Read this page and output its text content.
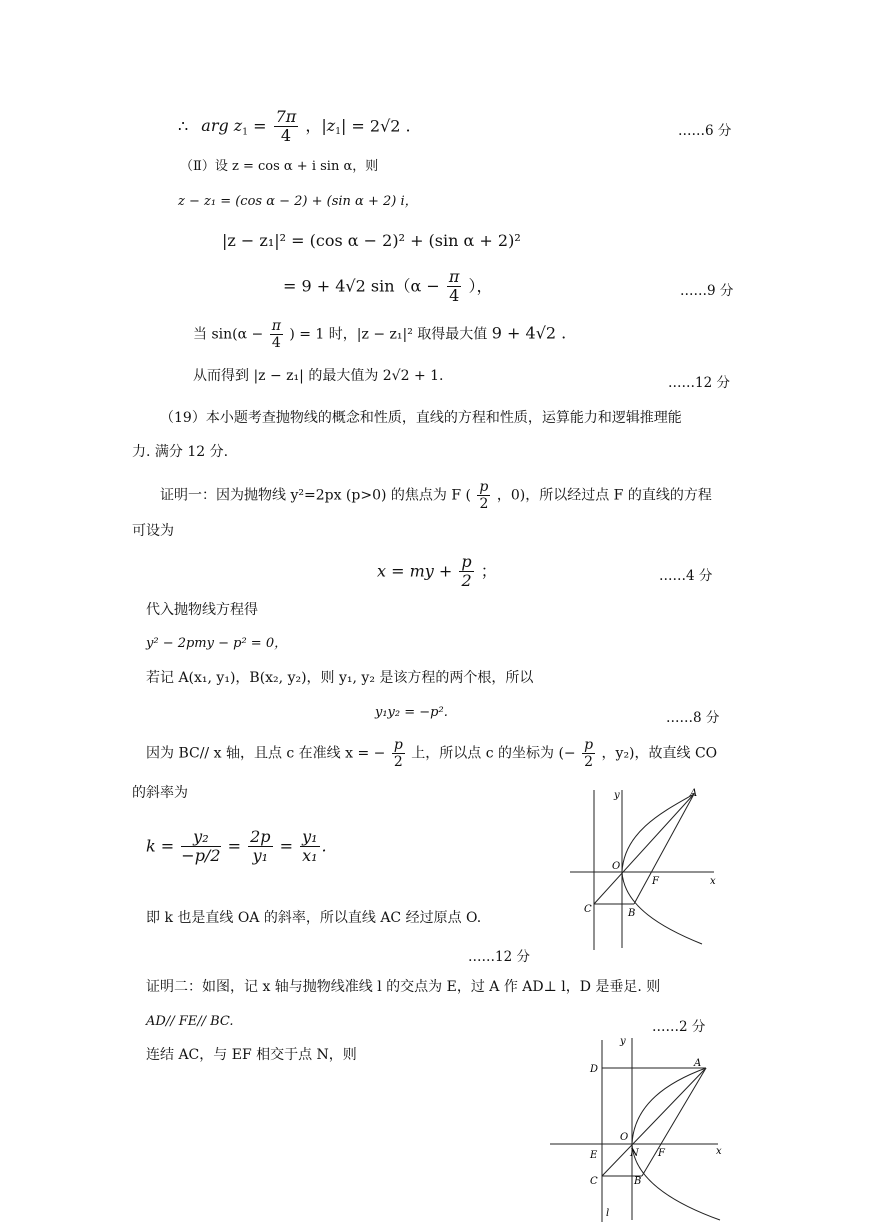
∴ arg $z_1 = \frac{7\pi}{4}$ ，$|z_1| = 2√2$ .	……6 分
（Ⅱ）设 z = cos α + i sin α，则
z − z₁ = (cos α − 2) + (sin α + 2) i，
|z − z₁|² = (cos α − 2)² + (sin α + 2)²
= 9 + 4√2 $\sin(\alpha - \frac{\pi}{4}$ ），	……9 分
当 $\sin(\alpha - \frac{\pi}{4}$ ) = 1 时，|z − z₁|² 取得最大值 9 + 4√2 .
从而得到 |z − z₁| 的最大值为 2√2 + 1.	……12 分
（19）本小题考查抛物线的概念和性质，直线的方程和性质，运算能力和逻辑推理能
力. 满分 12 分.
证明一：因为抛物线 y²=2px (p>0) 的焦点为 F ( $\frac{p}{2}$ ，0)，所以经过点 F 的直线的方程
可设为
x = my + $\frac{p}{2}$ ；	……4 分
代入抛物线方程得
y² − 2pmy − p² = 0，
若记 A(x₁, y₁)，B(x₂, y₂)，则 y₁, y₂ 是该方程的两个根，所以
y₁y₂ = −p².	……8 分
因为 BC// x 轴，且点 c 在准线 x = − $\frac{p}{2}$ 上，所以点 c 的坐标为 (− $\frac{p}{2}$ ，y₂)，故直线 CO
的斜率为
$k = \frac{\text{y₂}}{-p/2} = \frac{2p}{\text{y₁}} = \frac{\text{y₁}}{\text{x₁}}$ .
即 k 也是直线 OA 的斜率，所以直线 AC 经过原点 O.
……12 分
证明二：如图，记 x 轴与抛物线准线 l 的交点为 E，过 A 作 AD⊥ l，D 是垂足. 则
AD// FE// BC.	……2 分
连结 AC，与 EF 相交于点 N，则
y	A
O
F	x
C	B
y
A
D
O
E	N F	x
C	B
l
